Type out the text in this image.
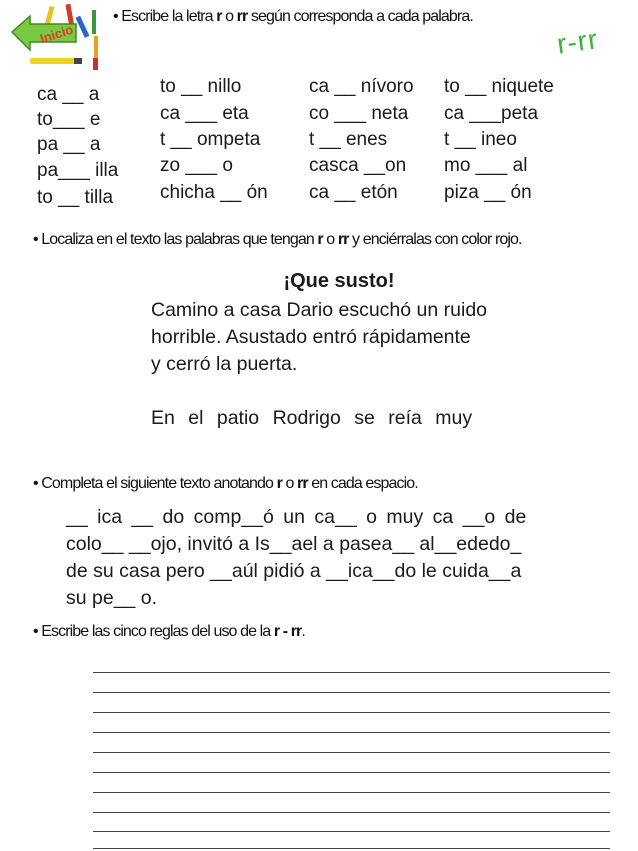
Inicio	r-rr
• Escribe la letra r o rr según corresponda a cada palabra.
ca __ a
to___ e
pa __ a
pa___ illa
to __ tilla
to __ nillo
ca ___ eta
t __ ompeta
zo ___ o
chicha __ ón
ca __ nívoro
co ___ neta
t __ enes
casca __on
ca __ etón
to __ niquete
ca ___peta
t __ ineo
mo ___ al
piza __ ón
• Localiza en el texto las palabras que tengan r o rr y enciérralas con color rojo.
¡Que susto!
Camino a casa Dario escuchó un ruido
horrible. Asustado entró rápidamente
y cerró la puerta.
En el patio Rodrigo se reía muy
• Completa el siguiente texto anotando r o rr en cada espacio.
__ ica __ do comp__ó un ca__ o muy ca __o de
colo__ __ojo, invitó a Is__ael a pasea__ al__ededo_
de su casa pero __aúl pidió a __ica__do le cuida__a
su pe__ o.
• Escribe las cinco reglas del uso de la r - rr.
